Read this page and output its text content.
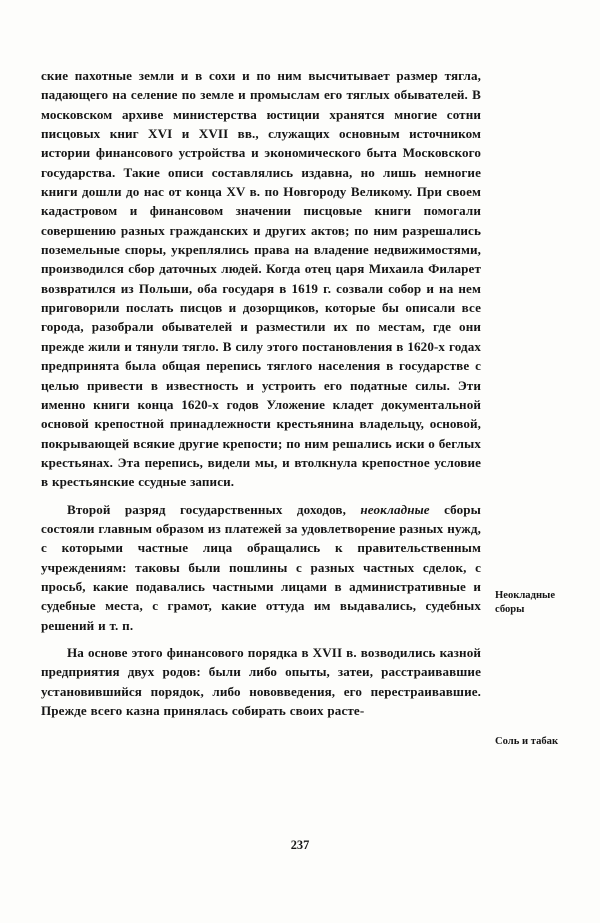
ские пахотные земли и в сохи и по ним высчитывает размер тягла, падающего на селение по земле и промыслам его тяглых обывателей. В московском архиве министерства юстиции хранятся многие сотни писцовых книг XVI и XVII вв., служащих основным источником истории финансового устройства и экономического быта Московского государства. Такие описи составлялись издавна, но лишь немногие книги дошли до нас от конца XV в. по Новгороду Великому. При своем кадастровом и финансовом значении писцовые книги помогали совершению разных гражданских и других актов; по ним разрешались поземельные споры, укреплялись права на владение недвижимостями, производился сбор даточных людей. Когда отец царя Михаила Филарет возвратился из Польши, оба государя в 1619 г. созвали собор и на нем приговорили послать писцов и дозорщиков, которые бы описали все города, разобрали обывателей и разместили их по местам, где они прежде жили и тянули тягло. В силу этого постановления в 1620-х годах предпринята была общая перепись тяглого населения в государстве с целью привести в известность и устроить его податные силы. Эти именно книги конца 1620-х годов Уложение кладет документальной основой крепостной принадлежности крестьянина владельцу, основой, покрывающей всякие другие крепости; по ним решались иски о беглых крестьянах. Эта перепись, видели мы, и втолкнула крепостное условие в крестьянские ссудные записи.

Второй разряд государственных доходов, неокладные сборы состояли главным образом из платежей за удовлетворение разных нужд, с которыми частные лица обращались к правительственным учреждениям: таковы были пошлины с разных частных сделок, с просьб, какие подавались частными лицами в административные и судебные места, с грамот, какие оттуда им выдавались, судебных решений и т. п.

На основе этого финансового порядка в XVII в. возводились казной предприятия двух родов: были либо опыты, затеи, расстраивавшие установившийся порядок, либо нововведения, его перестраивавшие. Прежде всего казна принялась собирать своих расте-

Неокладные сборы
Соль и табак
237
